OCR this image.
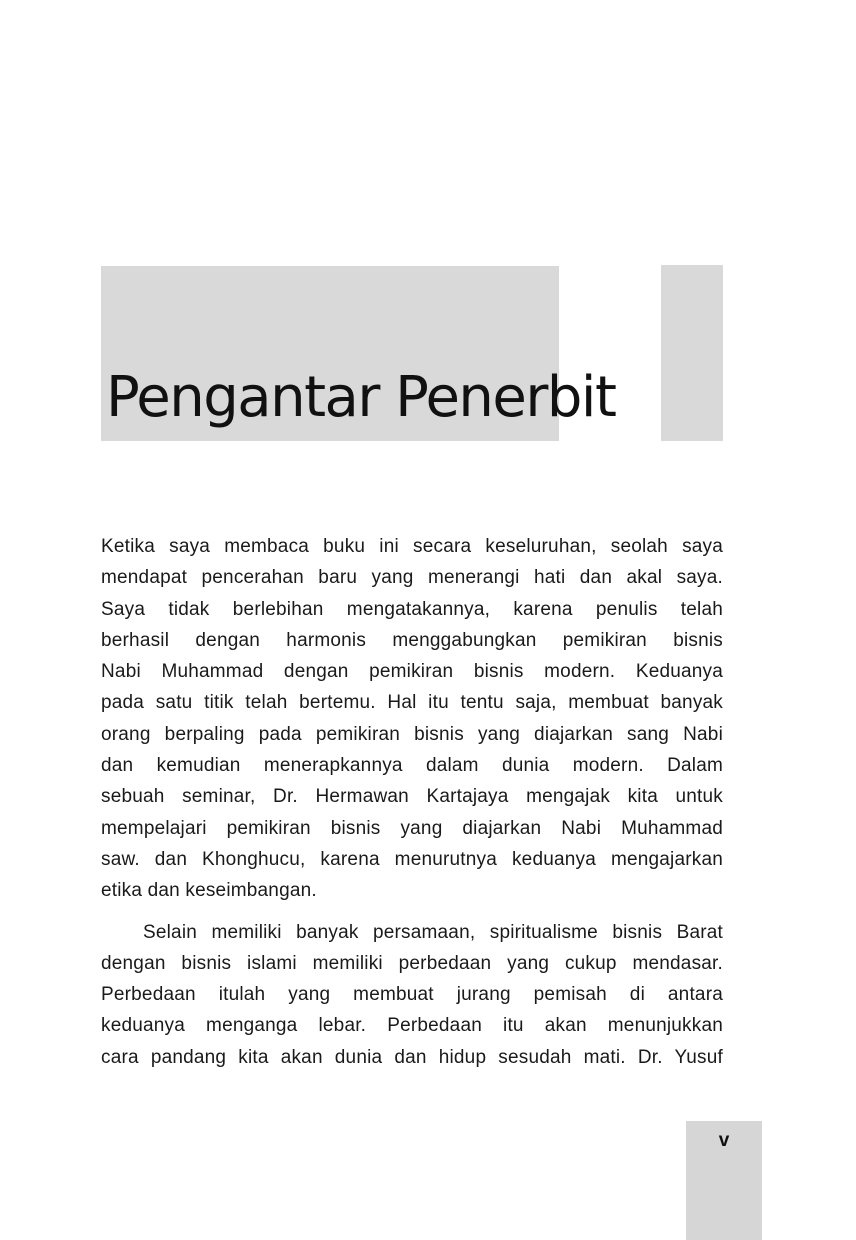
Pengantar Penerbit

Ketika saya membaca buku ini secara keseluruhan, seolah saya

mendapat pencerahan baru yang menerangi hati dan akal saya.

Saya tidak berlebihan mengatakannya, karena penulis telah

berhasil dengan harmonis menggabungkan pemikiran bisnis

Nabi Muhammad dengan pemikiran bisnis modern. Keduanya

pada satu titik telah bertemu. Hal itu tentu saja, membuat banyak

orang berpaling pada pemikiran bisnis yang diajarkan sang Nabi

dan kemudian menerapkannya dalam dunia modern. Dalam

sebuah seminar, Dr. Hermawan Kartajaya mengajak kita untuk

mempelajari pemikiran bisnis yang diajarkan Nabi Muhammad

saw. dan Khonghucu, karena menurutnya keduanya mengajarkan

etika dan keseimbangan.

Selain memiliki banyak persamaan, spiritualisme bisnis Barat

dengan bisnis islami memiliki perbedaan yang cukup mendasar.

Perbedaan itulah yang membuat jurang pemisah di antara

keduanya menganga lebar. Perbedaan itu akan menunjukkan

cara pandang kita akan dunia dan hidup sesudah mati. Dr. Yusuf

v
